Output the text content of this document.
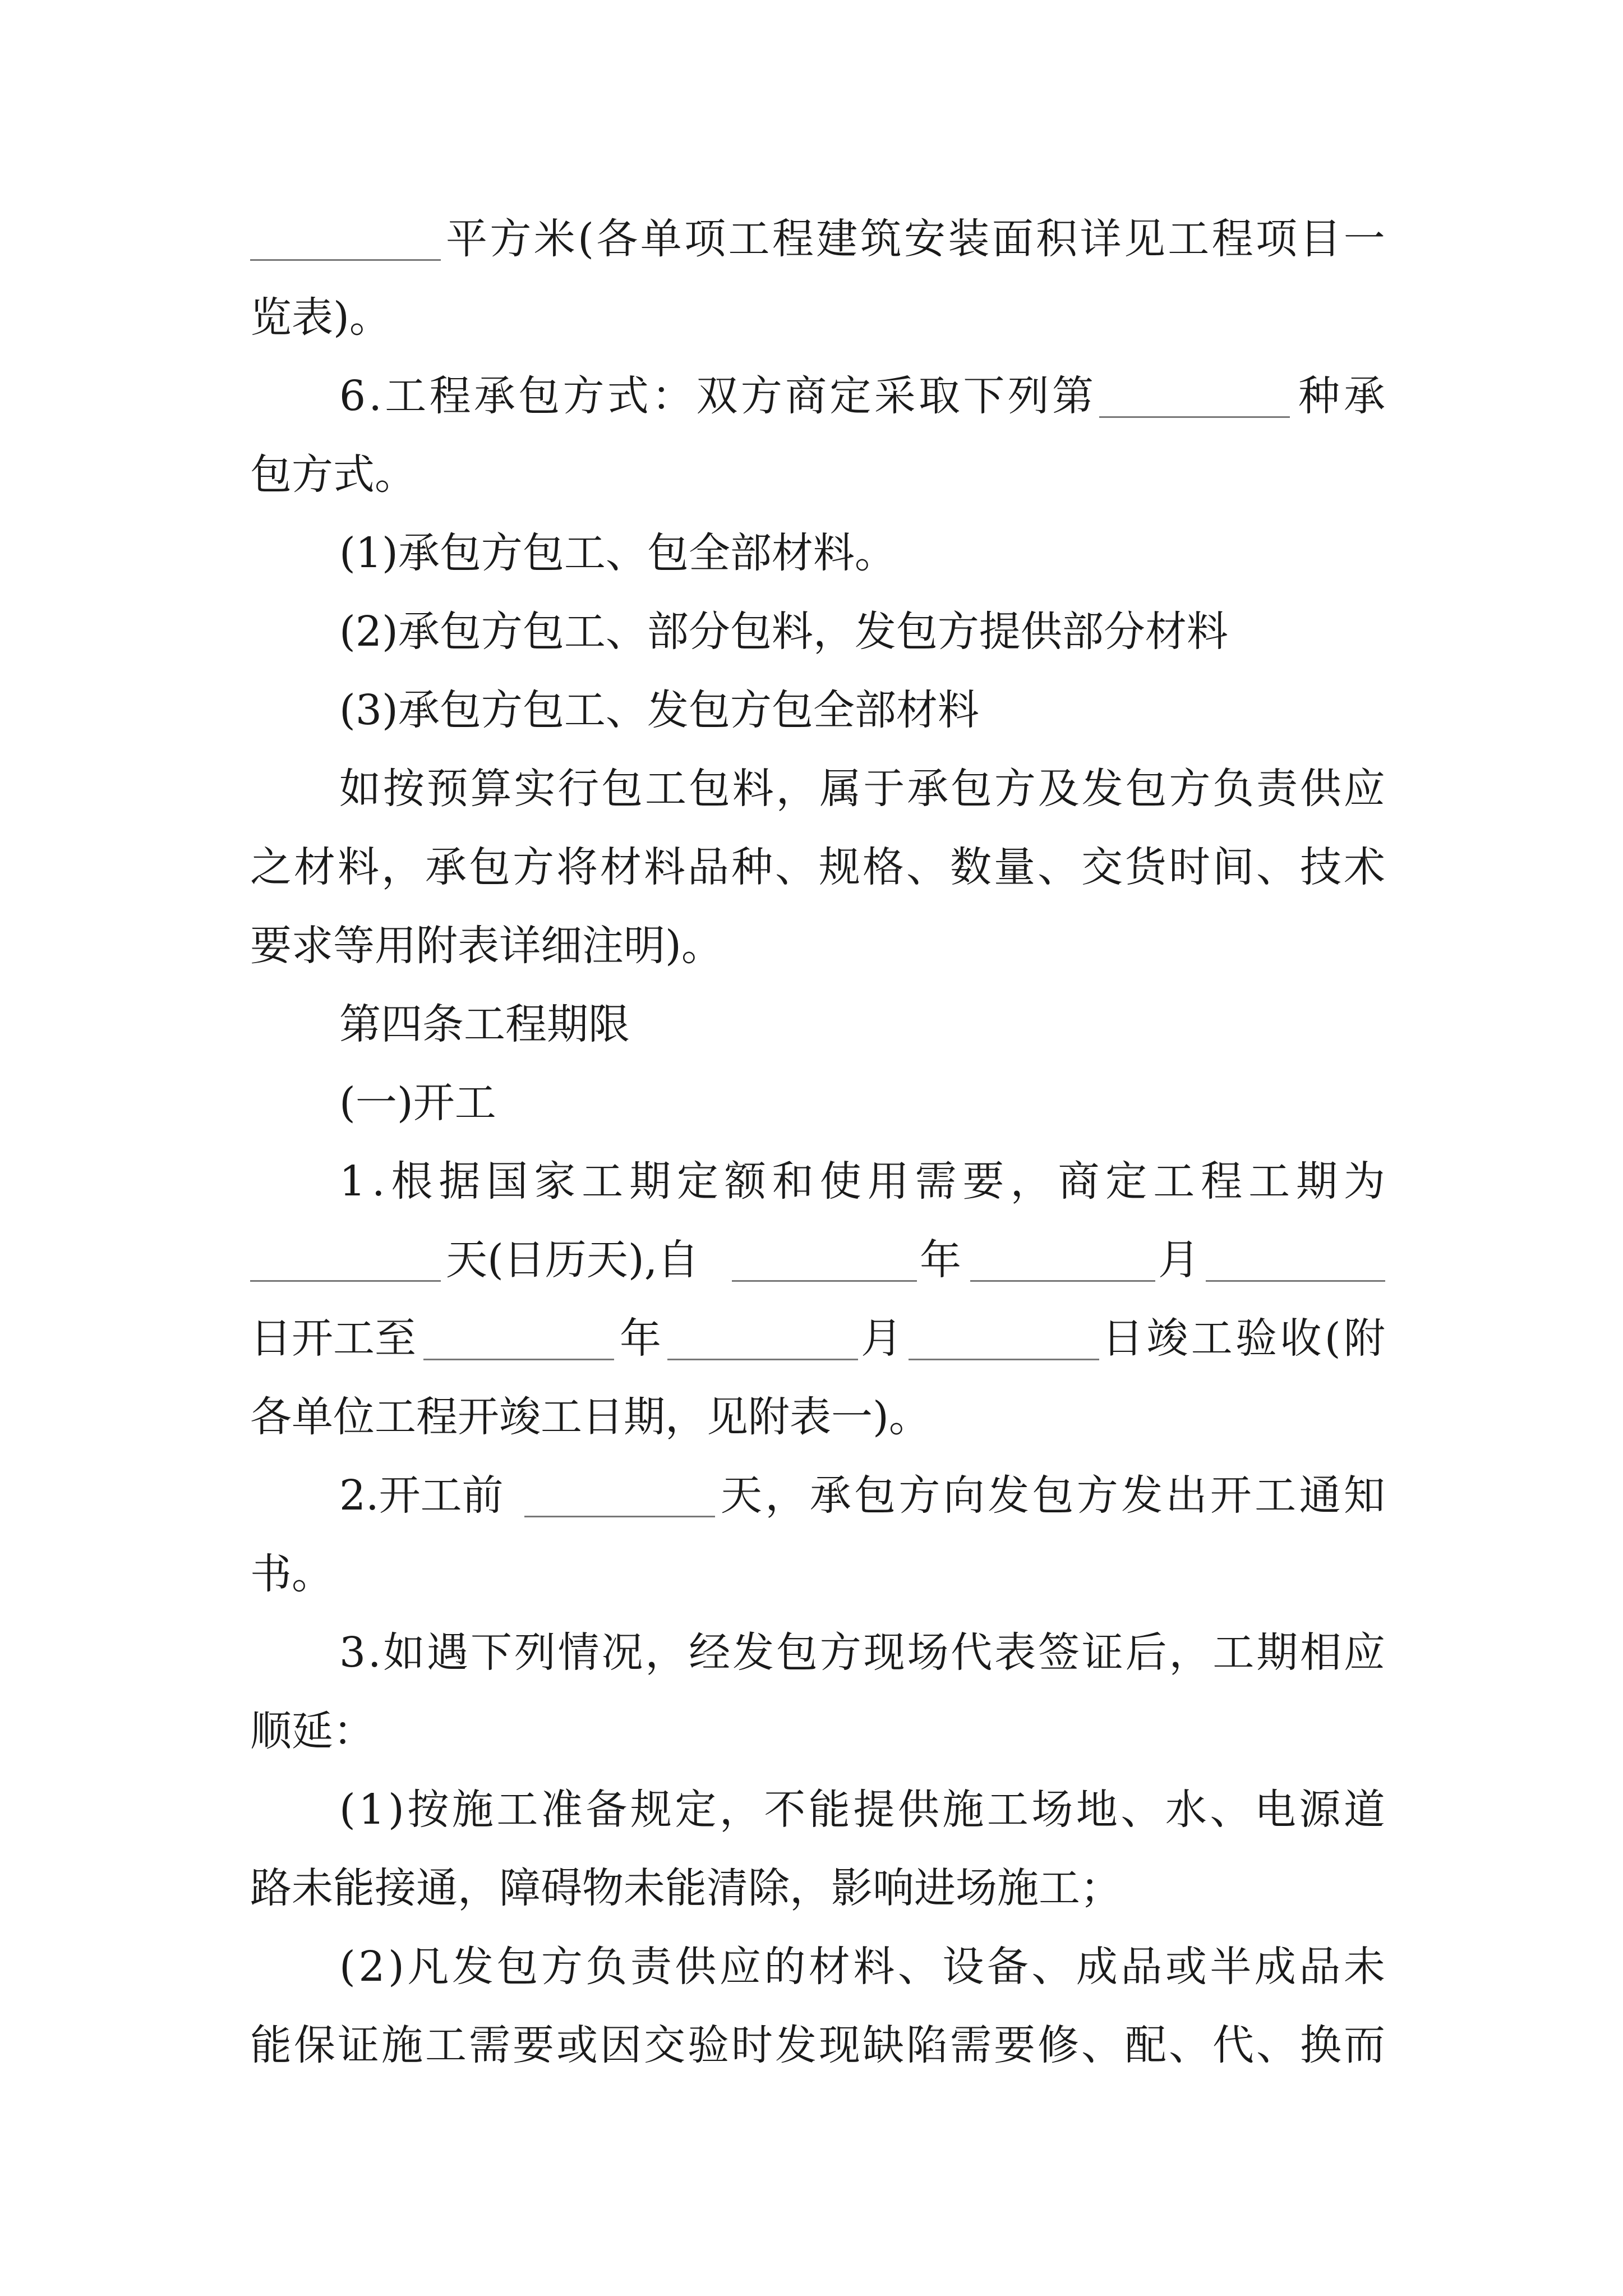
平 方 米 ( 各 单 项 工 程 建 筑 安 装 面 积 详 见 工 程 项 目 一
览表)。
6 . 工 程 承 包 方 式 ： 双 方 商 定 采 取 下 列 第	种 承
包方式。
(1)承包方包工、包全部材料。
(2)承包方包工、部分包料，发包方提供部分材料
(3)承包方包工、发包方包全部材料
如 按 预 算 实 行 包 工 包 料 ， 属 于 承 包 方 及 发 包 方 负 责 供 应
之 材 料 ， 承 包 方 将 材 料 品 种 、 规 格 、 数 量 、 交 货 时 间 、 技 术
要求等用附表详细注明)。
第四条工程期限
(一)开工
1 . 根 据 国 家 工 期 定 额 和 使 用 需 要 ， 商 定 工 程 工 期 为
天(日历天),自	年	月
日开工至	年	月	日 竣 工 验 收 ( 附
各单位工程开竣工日期，见附表一)。
2.开工前	天 ， 承 包 方 向 发 包 方 发 出 开 工 通 知
书。
3 . 如 遇 下 列 情 况 ， 经 发 包 方 现 场 代 表 签 证 后 ， 工 期 相 应
顺延：
( 1 ) 按 施 工 准 备 规 定 ， 不 能 提 供 施 工 场 地 、 水 、 电 源 道
路未能接通，障碍物未能清除，影响进场施工；
( 2 ) 凡 发 包 方 负 责 供 应 的 材 料 、 设 备 、 成 品 或 半 成 品 未
能 保 证 施 工 需 要 或 因 交 验 时 发 现 缺 陷 需 要 修 、 配 、 代 、 换 而
